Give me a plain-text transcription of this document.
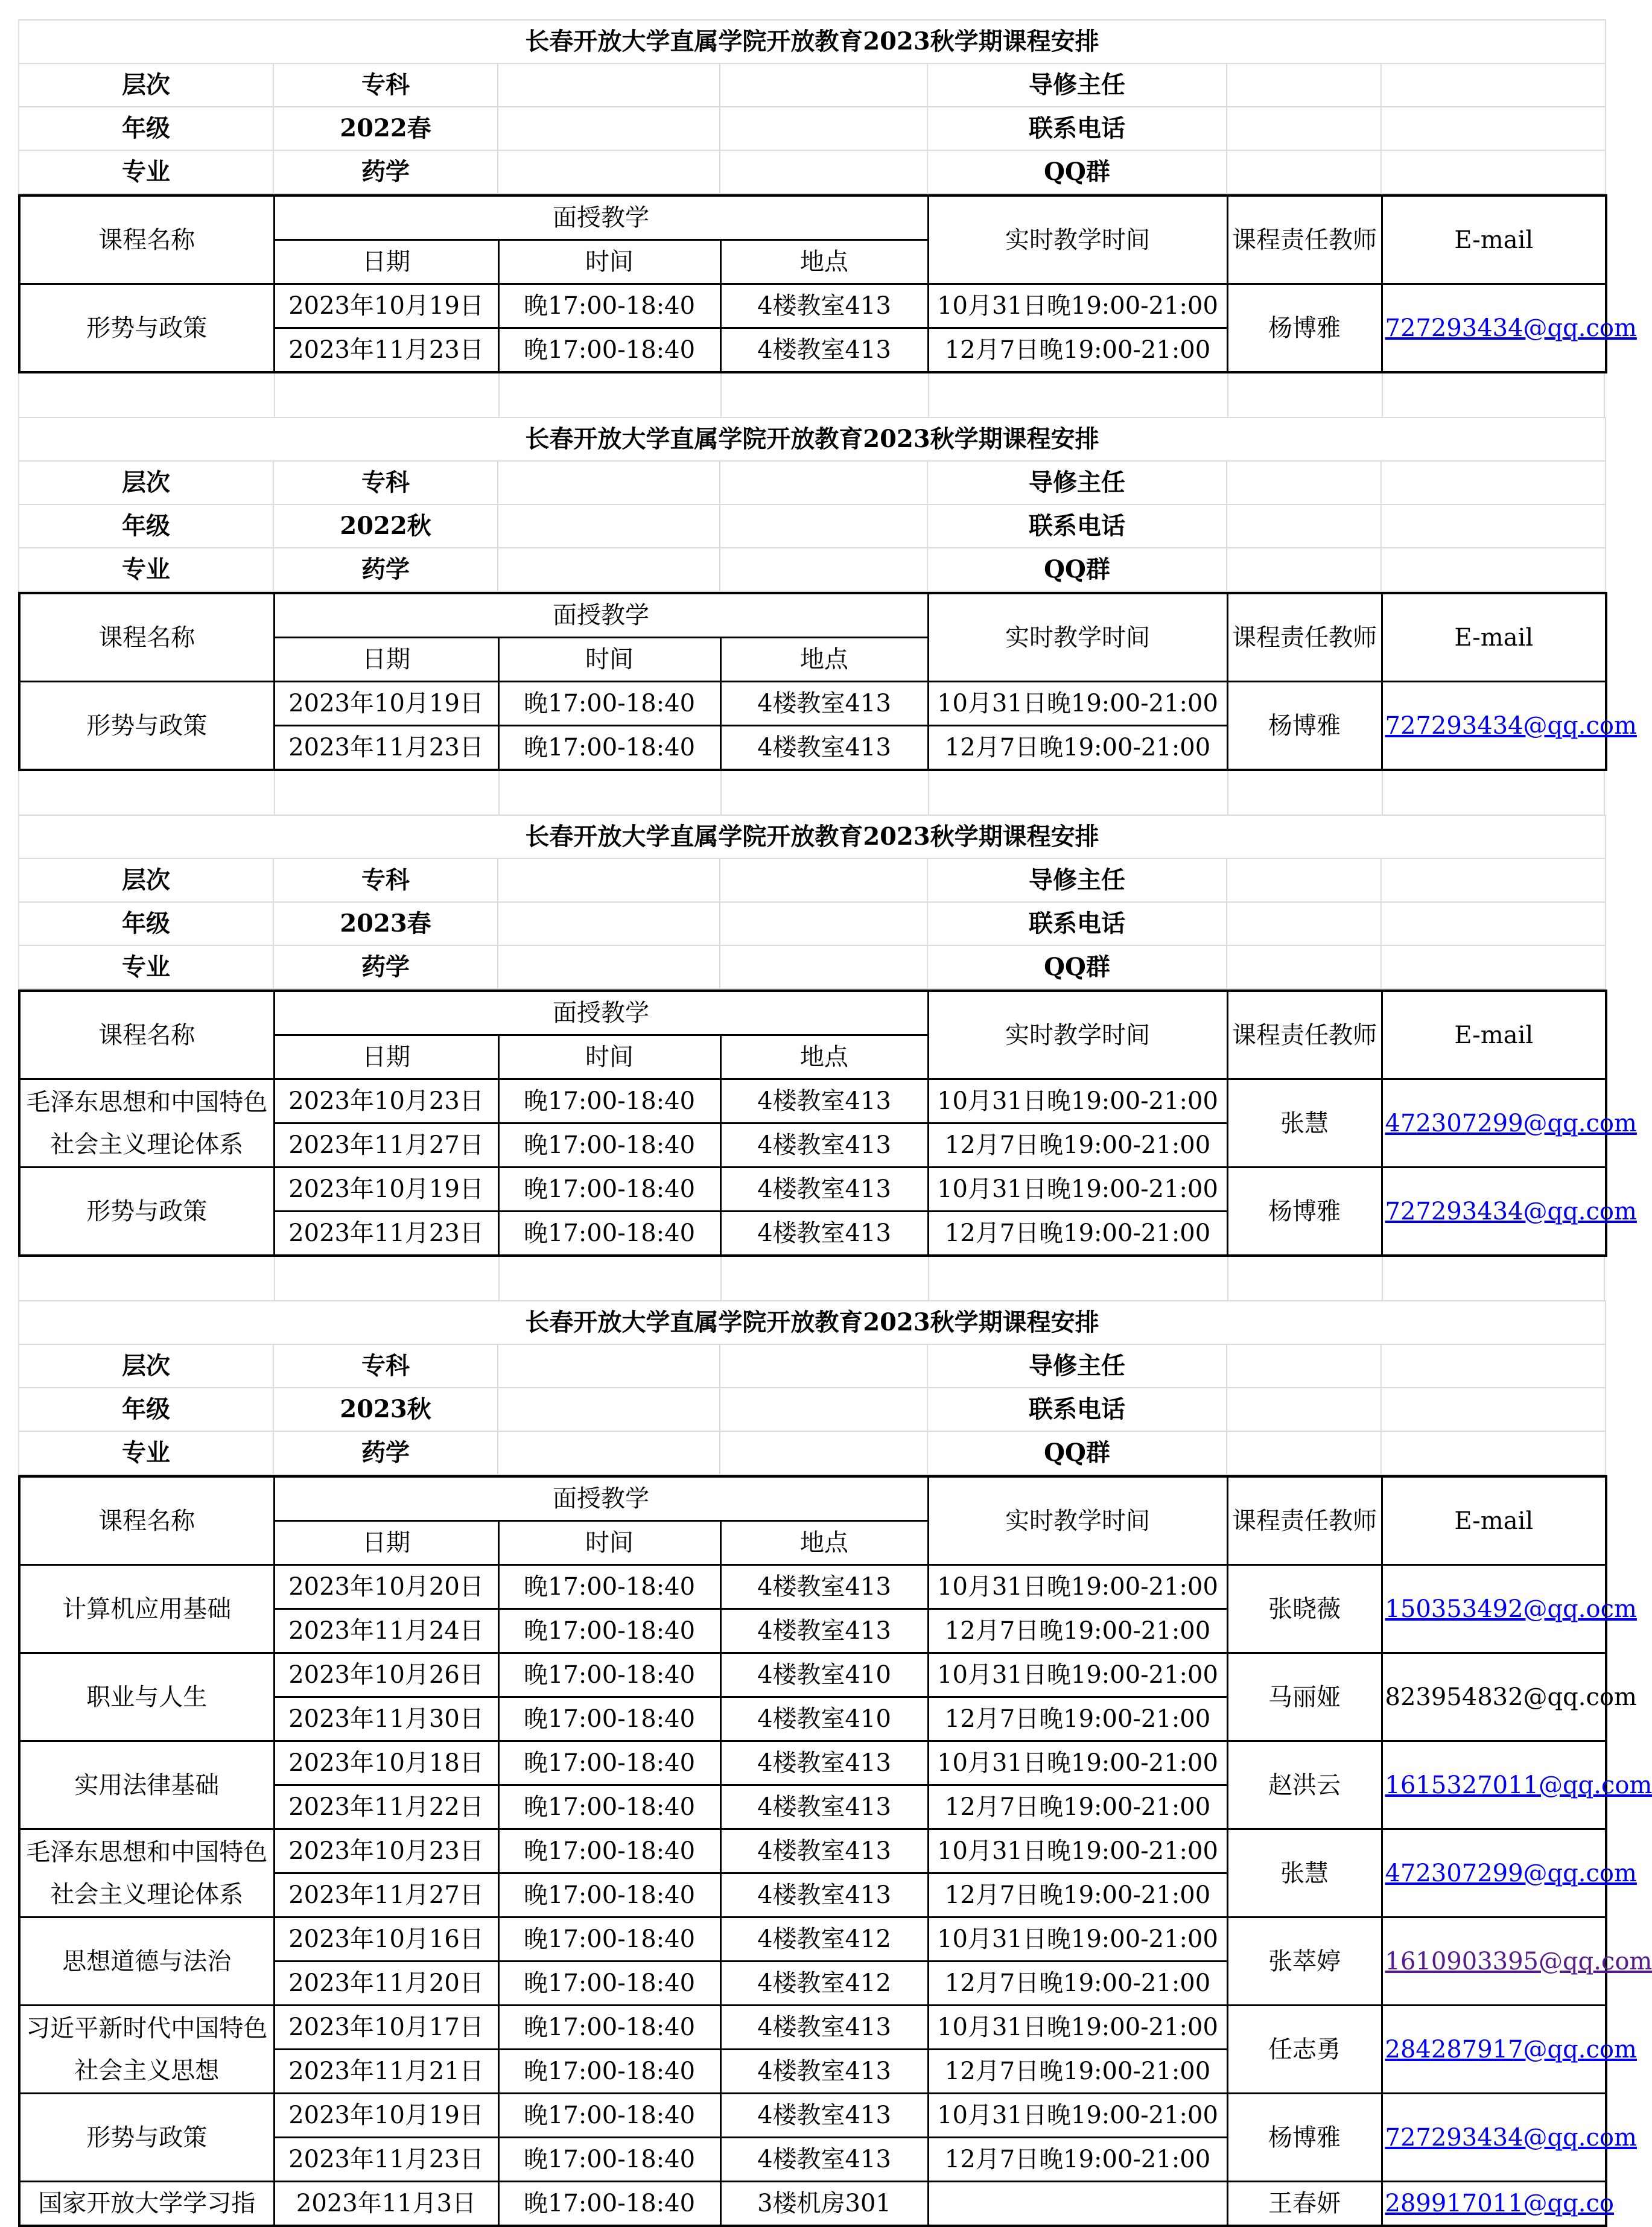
长春开放大学直属学院开放教育2023秋学期课程安排						
层次	专科			导修主任		
年级	2022春			联系电话		
专业	药学			QQ群		
课程名称	面授教学			实时教学时间	课程责任教师	E-mail
	日期	时间	地点			
形势与政策	2023年10月19日	晚17:00-18:40	4楼教室413	10月31日晚19:00-21:00	杨博雅	727293434@qq.com
	2023年11月23日	晚17:00-18:40	4楼教室413	12月7日晚19:00-21:00		
长春开放大学直属学院开放教育2023秋学期课程安排						
层次	专科			导修主任		
年级	2022秋			联系电话		
专业	药学			QQ群		
课程名称	面授教学			实时教学时间	课程责任教师	E-mail
	日期	时间	地点			
形势与政策	2023年10月19日	晚17:00-18:40	4楼教室413	10月31日晚19:00-21:00	杨博雅	727293434@qq.com
	2023年11月23日	晚17:00-18:40	4楼教室413	12月7日晚19:00-21:00		
长春开放大学直属学院开放教育2023秋学期课程安排						
层次	专科			导修主任		
年级	2023春			联系电话		
专业	药学			QQ群		
课程名称	面授教学			实时教学时间	课程责任教师	E-mail
	日期	时间	地点			
毛泽东思想和中国特色社会主义理论体系	2023年10月23日	晚17:00-18:40	4楼教室413	10月31日晚19:00-21:00	张慧	472307299@qq.com
	2023年11月27日	晚17:00-18:40	4楼教室413	12月7日晚19:00-21:00		
形势与政策	2023年10月19日	晚17:00-18:40	4楼教室413	10月31日晚19:00-21:00	杨博雅	727293434@qq.com
	2023年11月23日	晚17:00-18:40	4楼教室413	12月7日晚19:00-21:00		
长春开放大学直属学院开放教育2023秋学期课程安排						
层次	专科			导修主任		
年级	2023秋			联系电话		
专业	药学			QQ群		
课程名称	面授教学			实时教学时间	课程责任教师	E-mail
	日期	时间	地点			
计算机应用基础	2023年10月20日	晚17:00-18:40	4楼教室413	10月31日晚19:00-21:00	张晓薇	150353492@qq.ocm
	2023年11月24日	晚17:00-18:40	4楼教室413	12月7日晚19:00-21:00		
职业与人生	2023年10月26日	晚17:00-18:40	4楼教室410	10月31日晚19:00-21:00	马丽娅	823954832@qq.com
	2023年11月30日	晚17:00-18:40	4楼教室410	12月7日晚19:00-21:00		
实用法律基础	2023年10月18日	晚17:00-18:40	4楼教室413	10月31日晚19:00-21:00	赵洪云	1615327011@qq.com
	2023年11月22日	晚17:00-18:40	4楼教室413	12月7日晚19:00-21:00		
毛泽东思想和中国特色社会主义理论体系	2023年10月23日	晚17:00-18:40	4楼教室413	10月31日晚19:00-21:00	张慧	472307299@qq.com
	2023年11月27日	晚17:00-18:40	4楼教室413	12月7日晚19:00-21:00		
思想道德与法治	2023年10月16日	晚17:00-18:40	4楼教室412	10月31日晚19:00-21:00	张萃婷	1610903395@qq.com
	2023年11月20日	晚17:00-18:40	4楼教室412	12月7日晚19:00-21:00		
习近平新时代中国特色社会主义思想	2023年10月17日	晚17:00-18:40	4楼教室413	10月31日晚19:00-21:00	任志勇	284287917@qq.com
	2023年11月21日	晚17:00-18:40	4楼教室413	12月7日晚19:00-21:00		
形势与政策	2023年10月19日	晚17:00-18:40	4楼教室413	10月31日晚19:00-21:00	杨博雅	727293434@qq.com
	2023年11月23日	晚17:00-18:40	4楼教室413	12月7日晚19:00-21:00		
国家开放大学学习指	2023年11月3日	晚17:00-18:40	3楼机房301		王春妍	289917011@qq.co
